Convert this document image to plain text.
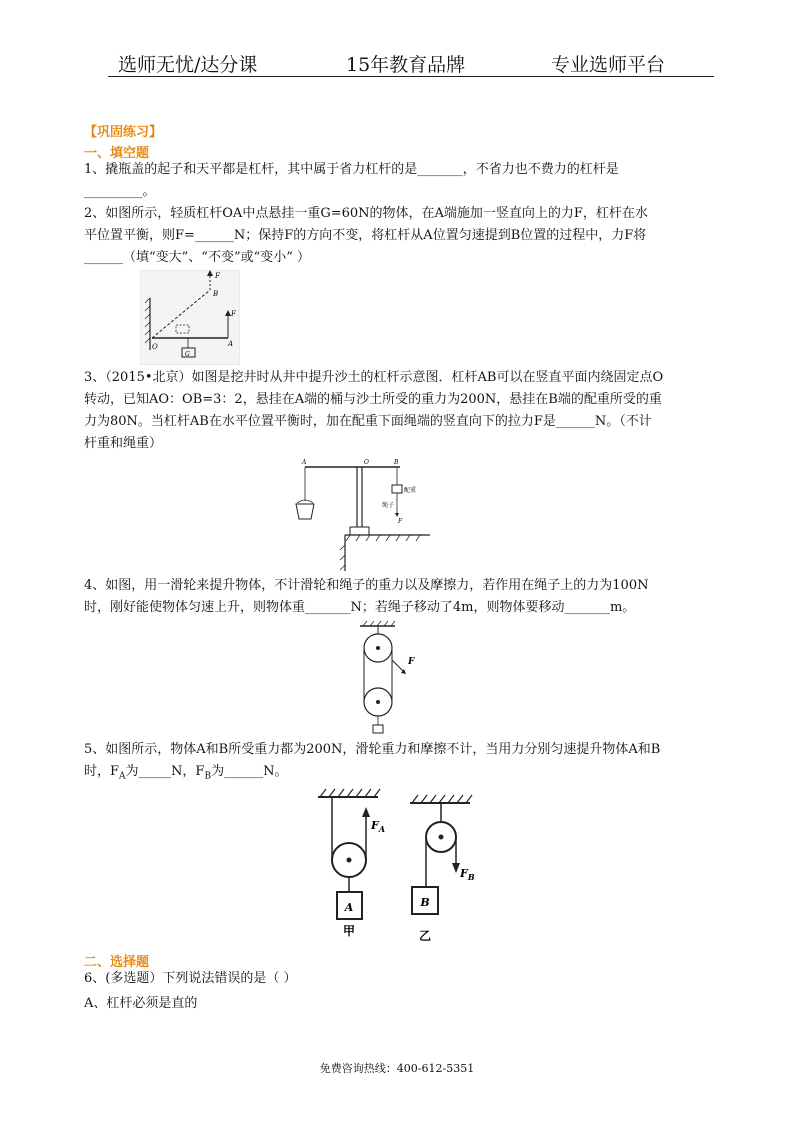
选师无忧/达分课	15年教育品牌	专业选师平台
【巩固练习】
一、填空题
1、撬瓶盖的起子和天平都是杠杆，其中属于省力杠杆的是_______，不省力也不费力的杠杆是
_________。
2、如图所示，轻质杠杆OA中点悬挂一重G=60N的物体，在A端施加一竖直向上的力F，杠杆在水
平位置平衡，则F=______N；保持F的方向不变，将杠杆从A位置匀速提到B位置的过程中，力F将
______（填“变大”、“不变”或“变小” ）
F
B
F
A
O
G
3、（2015•北京）如图是挖井时从井中提升沙土的杠杆示意图．杠杆AB可以在竖直平面内绕固定点O
转动，已知AO：OB=3：2，悬挂在A端的桶与沙土所受的重力为200N，悬挂在B端的配重所受的重
力为80N。当杠杆AB在水平位置平衡时，加在配重下面绳端的竖直向下的拉力F是______N。（不计
杆重和绳重）
A	O	B
配重
绳子
F
4、如图，用一滑轮来提升物体，不计滑轮和绳子的重力以及摩擦力，若作用在绳子上的力为100N
时，刚好能使物体匀速上升，则物体重_______N；若绳子移动了4m，则物体要移动_______m。
F
5、如图所示，物体A和B所受重力都为200N，滑轮重力和摩擦不计，当用力分别匀速提升物体A和B
时，$F_A$为_____N，$F_B$为______N。
$F_A$
A
甲
$F_B$
B
乙
二、选择题
6、(多选题）下列说法错误的是（ ）
A、杠杆必须是直的
免费咨询热线：400-612-5351
